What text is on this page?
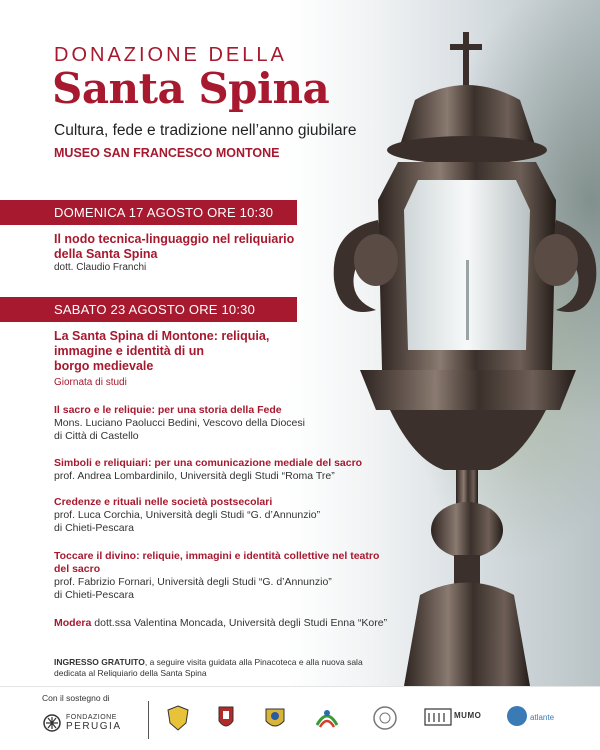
DONAZIONE DELLA
Santa Spina
Cultura, fede e tradizione nell’anno giubilare
MUSEO SAN FRANCESCO MONTONE
DOMENICA 17 AGOSTO ORE 10:30
Il nodo tecnica-linguaggio nel reliquiario
della Santa Spina
dott. Claudio Franchi
SABATO 23 AGOSTO ORE 10:30
La Santa Spina di Montone: reliquia,
immagine e identità di un
borgo medievale
Giornata di studi
Il sacro e le reliquie: per una storia della Fede
Mons. Luciano Paolucci Bedini, Vescovo della Diocesi
di Città di Castello
Simboli e reliquiari: per una comunicazione mediale del sacro
prof. Andrea Lombardinilo, Università degli Studi “Roma Tre”
Credenze e rituali nelle società postsecolari
prof. Luca Corchia, Università degli Studi “G. d’Annunzio”
di Chieti-Pescara
Toccare il divino: reliquie, immagini e identità collettive nel teatro
del sacro
prof. Fabrizio Fornari, Università degli Studi “G. d’Annunzio”
di Chieti-Pescara
Modera dott.ssa Valentina Moncada, Università degli Studi Enna “Kore”
INGRESSO GRATUITO, a seguire visita guidata alla Pinacoteca e alla nuova sala
dedicata al Reliquiario della Santa Spina
Con il sostegno di
FONDAZIONE
PERUGIA
MUMO	atlante
